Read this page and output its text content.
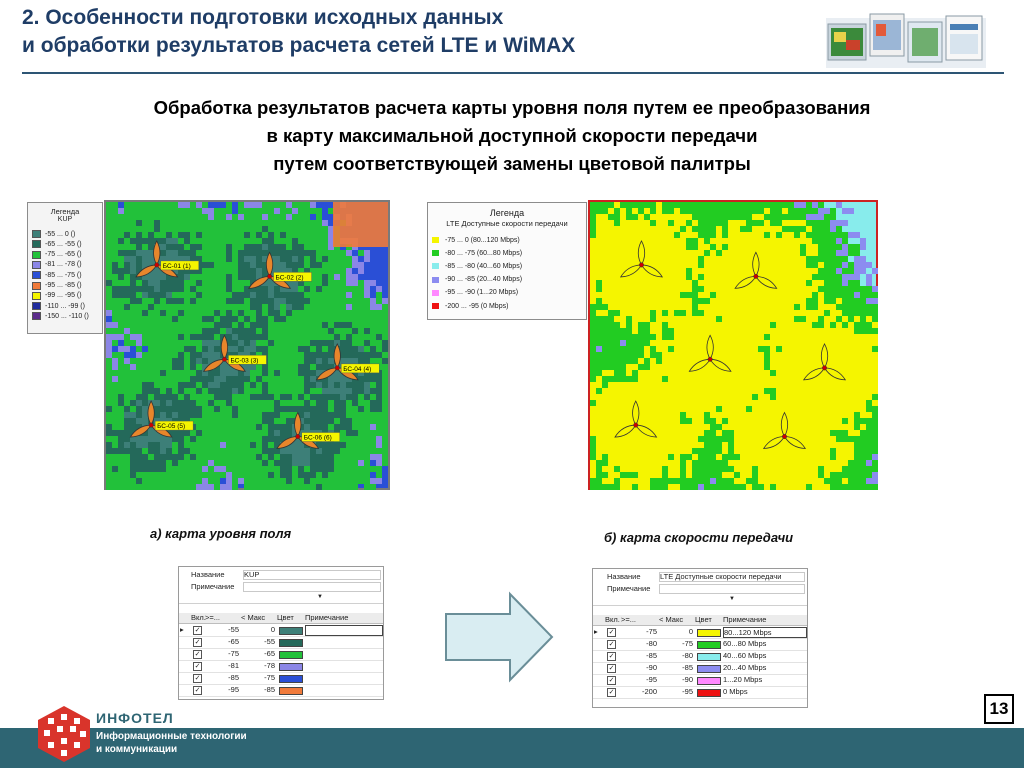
2. Особенности подготовки исходных данных
и обработки результатов расчета сетей LTE и WiMAX
Обработка результатов расчета карты уровня поля путем ее преобразования
в карту максимальной доступной скорости передачи
путем соответствующей замены цветовой палитры
Легенда
KUP
-55 ... 0 ()
-65 ... -55 ()
-75 ... -65 ()
-81 ... -78 ()
-85 ... -75 ()
-95 ... -85 ()
-99 ... -95 ()
-110 ... -99 ()
-150 ... -110 ()
БС-01 (1)
БС-02 (2)
БС-03 (3)
БС-04 (4)
БС-05 (5)
БС-06 (6)
Легенда
LTE Доступные скорости передачи
-75 ... 0 (80...120 Mbps)
-80 ... -75 (60...80 Mbps)
-85 ... -80 (40...60 Mbps)
-90 ... -85 (20...40 Mbps)
-95 ... -90 (1...20 Mbps)
-200 ... -95 (0 Mbps)
а) карта уровня поля	б) карта скорости передачи
Название	KUP
Примечание
▼
Вкл. >=...	< Макс	Цвет	Примечание
▸ ✓	-55	0
✓	-65	-55
✓	-75	-65
✓	-81	-78
✓	-85	-75
✓	-95	-85
Название	LTE Доступные скорости передачи
Примечание
▼
Вкл. >=...	< Макс	Цвет	Примечание
▸ ✓	-75	0	80...120 Mbps
✓	-80	-75	60...80 Mbps
✓	-85	-80	40...60 Mbps
✓	-90	-85	20...40 Mbps
✓	-95	-90	1...20 Mbps
✓	-200	-95	0 Mbps
ИНФОТЕЛ
Информационные технологии
и коммуникации
13
